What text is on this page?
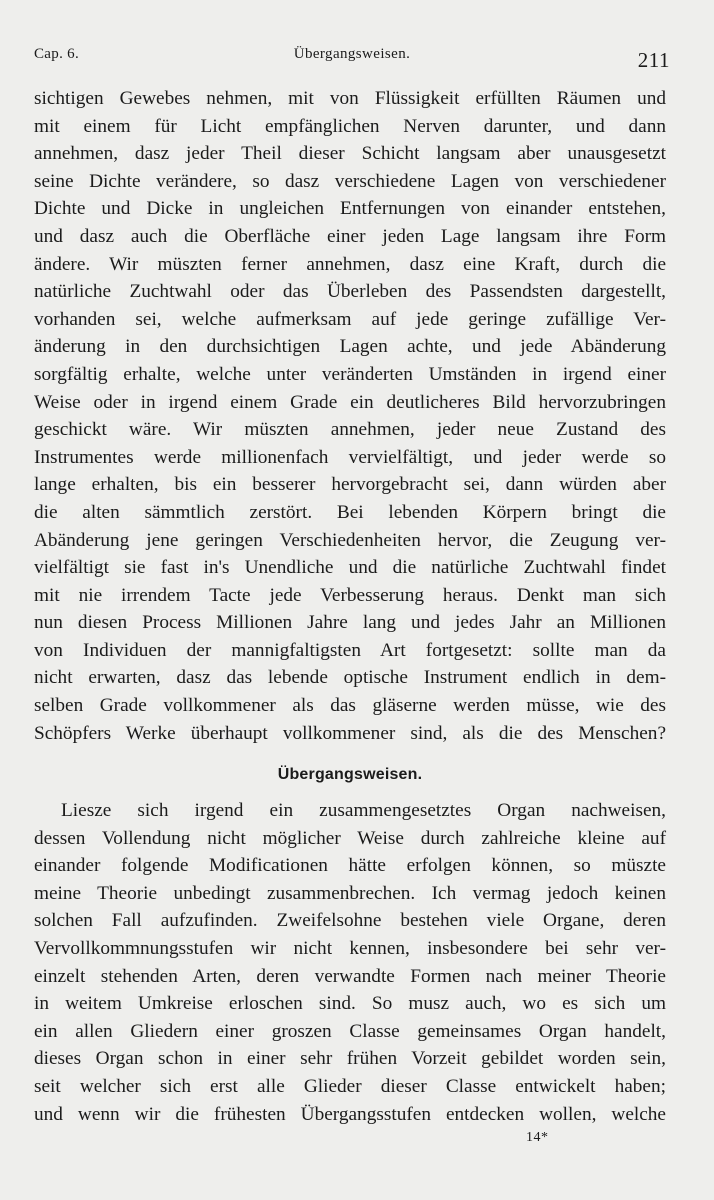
Cap. 6.	Übergangsweisen.	211
sichtigen Gewebes nehmen, mit von Flüssigkeit erfüllten Räumen und
mit einem für Licht empfänglichen Nerven darunter, und dann
annehmen, dasz jeder Theil dieser Schicht langsam aber unausgesetzt
seine Dichte verändere, so dasz verschiedene Lagen von verschiedener
Dichte und Dicke in ungleichen Entfernungen von einander entstehen,
und dasz auch die Oberfläche einer jeden Lage langsam ihre Form
ändere. Wir müszten ferner annehmen, dasz eine Kraft, durch die
natürliche Zuchtwahl oder das Überleben des Passendsten dargestellt,
vorhanden sei, welche aufmerksam auf jede geringe zufällige Ver-
änderung in den durchsichtigen Lagen achte, und jede Abänderung
sorgfältig erhalte, welche unter veränderten Umständen in irgend einer
Weise oder in irgend einem Grade ein deutlicheres Bild hervorzubringen
geschickt wäre. Wir müszten annehmen, jeder neue Zustand des
Instrumentes werde millionenfach vervielfältigt, und jeder werde so
lange erhalten, bis ein besserer hervorgebracht sei, dann würden aber
die alten sämmtlich zerstört. Bei lebenden Körpern bringt die
Abänderung jene geringen Verschiedenheiten hervor, die Zeugung ver-
vielfältigt sie fast in's Unendliche und die natürliche Zuchtwahl findet
mit nie irrendem Tacte jede Verbesserung heraus. Denkt man sich
nun diesen Process Millionen Jahre lang und jedes Jahr an Millionen
von Individuen der mannigfaltigsten Art fortgesetzt: sollte man da
nicht erwarten, dasz das lebende optische Instrument endlich in dem-
selben Grade vollkommener als das gläserne werden müsse, wie des
Schöpfers Werke überhaupt vollkommener sind, als die des Menschen?
Übergangsweisen.
Liesze sich irgend ein zusammengesetztes Organ nachweisen,
dessen Vollendung nicht möglicher Weise durch zahlreiche kleine auf
einander folgende Modificationen hätte erfolgen können, so müszte
meine Theorie unbedingt zusammenbrechen. Ich vermag jedoch keinen
solchen Fall aufzufinden. Zweifelsohne bestehen viele Organe, deren
Vervollkommnungsstufen wir nicht kennen, insbesondere bei sehr ver-
einzelt stehenden Arten, deren verwandte Formen nach meiner Theorie
in weitem Umkreise erloschen sind. So musz auch, wo es sich um
ein allen Gliedern einer groszen Classe gemeinsames Organ handelt,
dieses Organ schon in einer sehr frühen Vorzeit gebildet worden sein,
seit welcher sich erst alle Glieder dieser Classe entwickelt haben;
und wenn wir die frühesten Übergangsstufen entdecken wollen, welche
14*
